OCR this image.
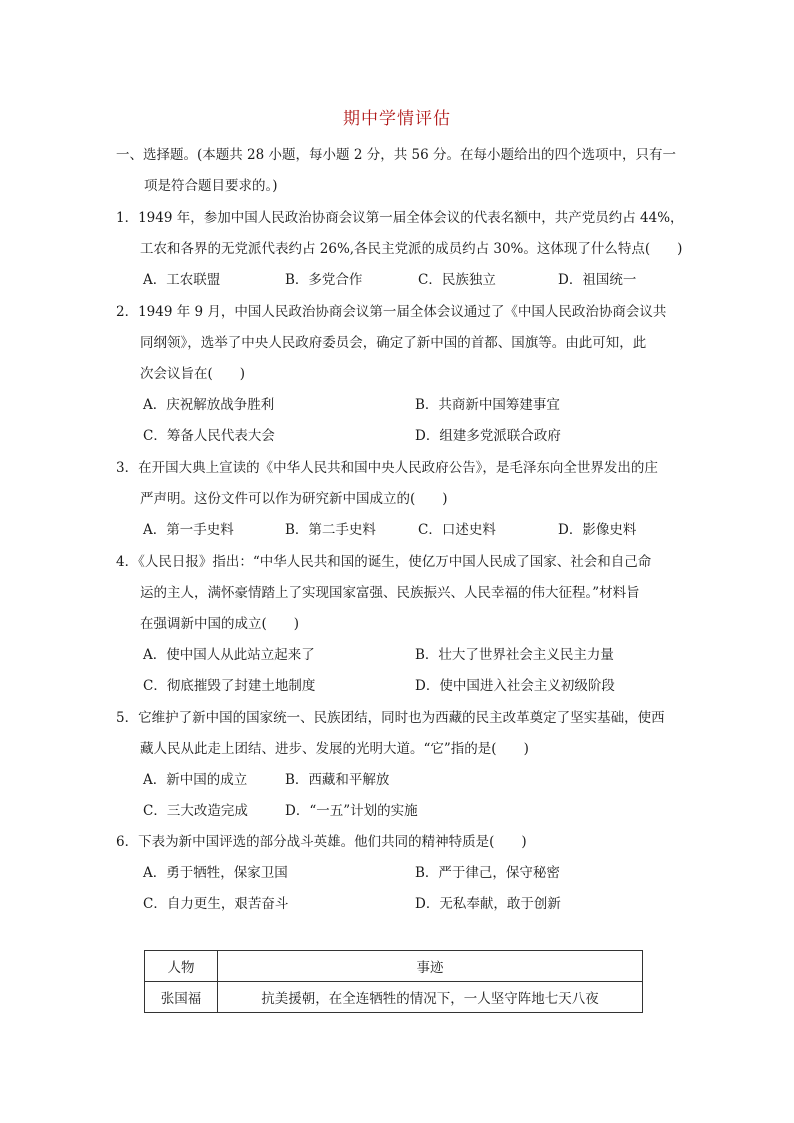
期中学情评估
一、选择题。(本题共 28 小题，每小题 2 分，共 56 分。在每小题给出的四个选项中，只有一
项是符合题目要求的。)
1．1949 年，参加中国人民政治协商会议第一届全体会议的代表名额中，共产党员约占 44%，
工农和各界的无党派代表约占 26%,各民主党派的成员约占 30%。这体现了什么特点(　　)
A．工农联盟	B．多党合作	C．民族独立	D．祖国统一
2．1949 年 9 月，中国人民政治协商会议第一届全体会议通过了《中国人民政治协商会议共
同纲领》，选举了中央人民政府委员会，确定了新中国的首都、国旗等。由此可知，此
次会议旨在(　　)
A．庆祝解放战争胜利	B．共商新中国筹建事宜
C．筹备人民代表大会	D．组建多党派联合政府
3．在开国大典上宣读的《中华人民共和国中央人民政府公告》，是毛泽东向全世界发出的庄
严声明。这份文件可以作为研究新中国成立的(　　)
A．第一手史料	B．第二手史料	C．口述史料	D．影像史料
4．《人民日报》指出：“中华人民共和国的诞生，使亿万中国人民成了国家、社会和自己命
运的主人，满怀豪情踏上了实现国家富强、民族振兴、人民幸福的伟大征程。”材料旨
在强调新中国的成立(　　)
A．使中国人从此站立起来了	B．壮大了世界社会主义民主力量
C．彻底摧毁了封建土地制度	D．使中国进入社会主义初级阶段
5．它维护了新中国的国家统一、民族团结，同时也为西藏的民主改革奠定了坚实基础，使西
藏人民从此走上团结、进步、发展的光明大道。“它”指的是(　　)
A．新中国的成立	B．西藏和平解放
C．三大改造完成	D．“一五”计划的实施
6．下表为新中国评选的部分战斗英雄。他们共同的精神特质是(　　)
A．勇于牺牲，保家卫国	B．严于律己，保守秘密
C．自力更生，艰苦奋斗	D．无私奉献，敢于创新
人物	事迹
张国福	抗美援朝，在全连牺牲的情况下，一人坚守阵地七天八夜
